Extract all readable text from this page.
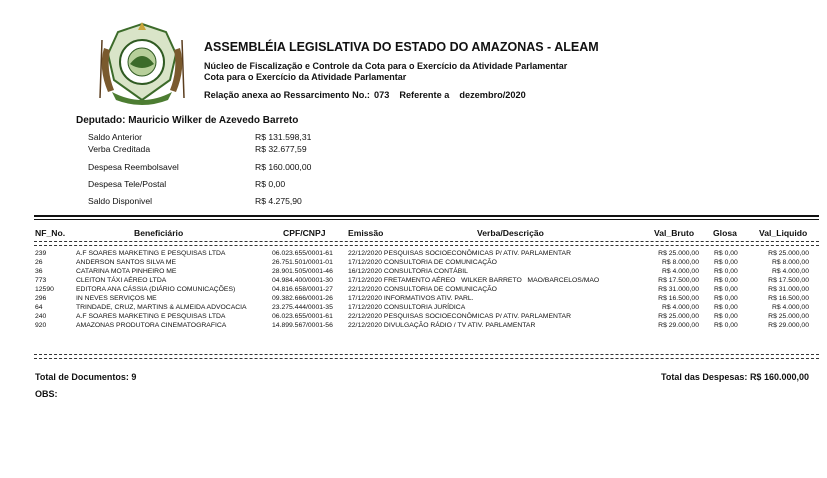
ASSEMBLÉIA LEGISLATIVA DO ESTADO DO AMAZONAS - ALEAM
Núcleo de Fiscalização e Controle da Cota para o Exercício da Atividade Parlamentar
Cota para o Exercício da Atividade Parlamentar
Relação anexa ao Ressarcimento No.: 073 Referente a dezembro/2020
Deputado: Mauricio Wilker de Azevedo Barreto
Saldo Anterior	R$ 131.598,31
Verba Creditada	R$ 32.677,59
Despesa Reembolsavel	R$ 160.000,00
Despesa Tele/Postal	R$ 0,00
Saldo Disponivel	R$ 4.275,90
NF_No.	Beneficiário	CPF/CNPJ	Emissão	Verba/Descrição	Val_Bruto Glosa	Val_Liquido
239	A.F SOARES MARKETING E PESQUISAS LTDA	06.023.655/0001-61 22/12/2020 PESQUISAS SOCIOECONÔMICAS P/ ATIV. PARLAMENTAR	R$ 25.000,00 R$ 0,00	R$ 25.000,00
26	ANDERSON SANTOS SILVA ME	26.751.501/0001-01 17/12/2020 CONSULTORIA DE COMUNICAÇÃO	R$ 8.000,00 R$ 0,00	R$ 8.000,00
36	CATARINA MOTA PINHEIRO ME	28.901.505/0001-46 16/12/2020 CONSULTORIA CONTÁBIL	R$ 4.000,00 R$ 0,00	R$ 4.000,00
773	CLEITON TÁXI AÉREO LTDA	04.984.400/0001-30 17/12/2020 FRETAMENTO AÉREO   WILKER BARRETO   MAO/BARCELOS/MAO	R$ 17.500,00 R$ 0,00	R$ 17.500,00
12590	EDITORA ANA CÁSSIA (DIÁRIO COMUNICAÇÕES)	04.816.658/0001-27 22/12/2020 CONSULTORIA DE COMUNICAÇÃO	R$ 31.000,00 R$ 0,00	R$ 31.000,00
296	IN NEVES SERVIÇOS ME	09.382.666/0001-26 17/12/2020 INFORMATIVOS ATIV. PARL.	R$ 16.500,00 R$ 0,00	R$ 16.500,00
64	TRINDADE, CRUZ, MARTINS & ALMEIDA ADVOCACIA	23.275.444/0001-35 17/12/2020 CONSULTORIA JURÍDICA	R$ 4.000,00 R$ 0,00	R$ 4.000,00
240	A.F SOARES MARKETING E PESQUISAS LTDA	06.023.655/0001-61 22/12/2020 PESQUISAS SOCIOECONÔMICAS P/ ATIV. PARLAMENTAR	R$ 25.000,00 R$ 0,00	R$ 25.000,00
920	AMAZONAS PRODUTORA CINEMATOGRAFICA	14.899.567/0001-56 22/12/2020 DIVULGAÇÃO RÁDIO / TV ATIV. PARLAMENTAR	R$ 29.000,00 R$ 0,00	R$ 29.000,00
Total de Documentos: 9	Total das Despesas: R$ 160.000,00
OBS:
